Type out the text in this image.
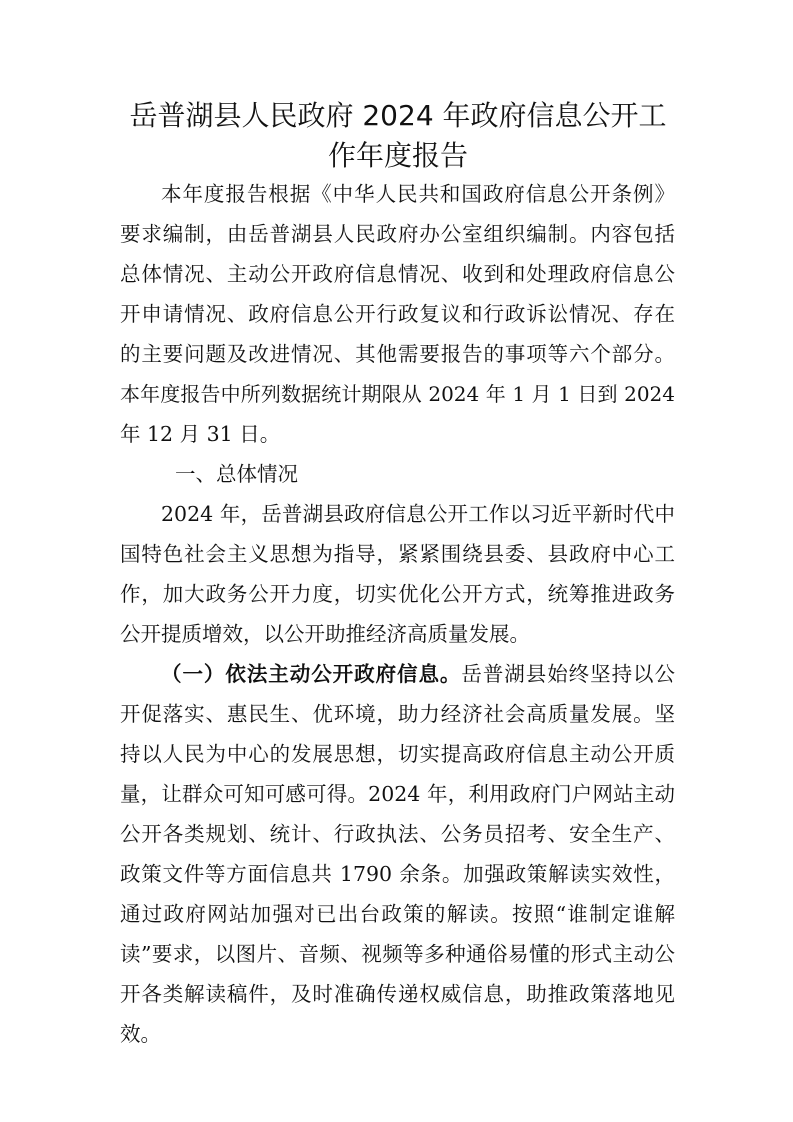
岳普湖县人民政府 2024 年政府信息公开工
作年度报告
本年度报告根据《中华人民共和国政府信息公开条例》
要求编制，由岳普湖县人民政府办公室组织编制。内容包括
总体情况、主动公开政府信息情况、收到和处理政府信息公
开申请情况、政府信息公开行政复议和行政诉讼情况、存在
的主要问题及改进情况、其他需要报告的事项等六个部分。
本年度报告中所列数据统计期限从 2024 年 1 月 1 日到 2024
年 12 月 31 日。
一、总体情况
2024 年，岳普湖县政府信息公开工作以习近平新时代中
国特色社会主义思想为指导，紧紧围绕县委、县政府中心工
作，加大政务公开力度，切实优化公开方式，统筹推进政务
公开提质增效，以公开助推经济高质量发展。
（一）依法主动公开政府信息。岳普湖县始终坚持以公
开促落实、惠民生、优环境，助力经济社会高质量发展。坚
持以人民为中心的发展思想，切实提高政府信息主动公开质
量，让群众可知可感可得。2024 年，利用政府门户网站主动
公开各类规划、统计、行政执法、公务员招考、安全生产、
政策文件等方面信息共 1790 余条。加强政策解读实效性，
通过政府网站加强对已出台政策的解读。按照“谁制定谁解
读”要求，以图片、音频、视频等多种通俗易懂的形式主动公
开各类解读稿件，及时准确传递权威信息，助推政策落地见
效。
